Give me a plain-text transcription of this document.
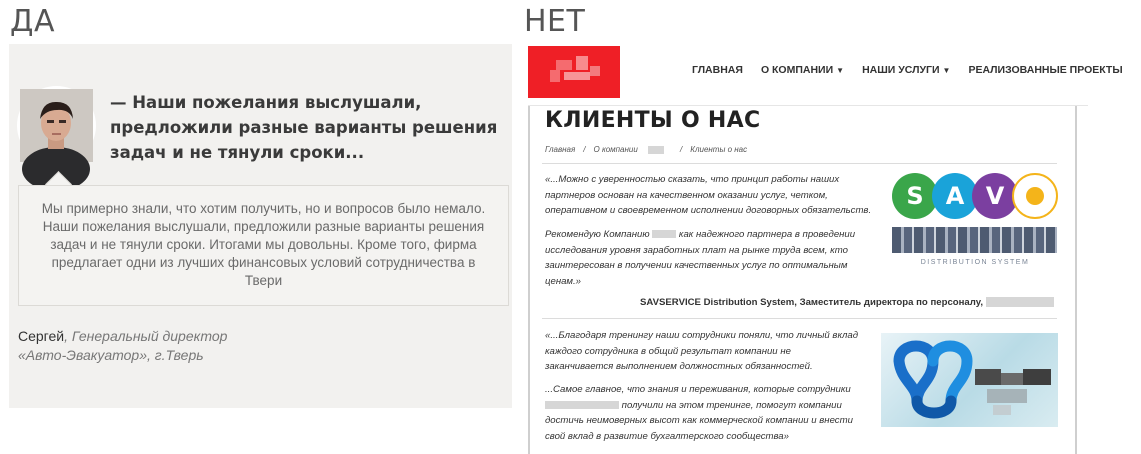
ДА	НЕТ
— Наши пожелания выслушали, предложили разные варианты решения задач и не тянули сроки...
Мы примерно знали, что хотим получить, но и вопросов было немало. Наши пожелания выслушали, предложили разные варианты решения задач и не тянули сроки. Итогами мы довольны. Кроме того, фирма предлагает одни из лучших финансовых условий сотрудничества в Твери
Сергей, Генеральный директор
«Авто-Эвакуатор», г.Тверь
ГЛАВНАЯ О КОМПАНИИ ▼ НАШИ УСЛУГИ ▼ РЕАЛИЗОВАННЫЕ ПРОЕКТЫ
КЛИЕНТЫ О НАС
Главная / О компании	/ Клиенты о нас
«...Можно с уверенностью сказать, что принцип работы наших
партнеров основан на качественном оказании услуг, четком,
оперативном и своевременном исполнении договорных обязательств.
Рекомендую Компанию	как надежного партнера в проведении
исследования уровня заработных плат на рынке труда всем, кто
заинтересован в получении качественных услуг по оптимальным
ценам.»
S A V
DISTRIBUTION SYSTEM
SAVSERVICE Distribution System, Заместитель директора по персоналу,
«...Благодаря тренингу наши сотрудники поняли, что личный вклад
каждого сотрудника в общий результат компании не
заканчивается выполнением должностных обязанностей.
...Самое главное, что знания и переживания, которые сотрудники
получили на этом тренинге, помогут компании
достичь неимоверных высот как коммерческой компании и внести
свой вклад в развитие бухгалтерского сообщества»
